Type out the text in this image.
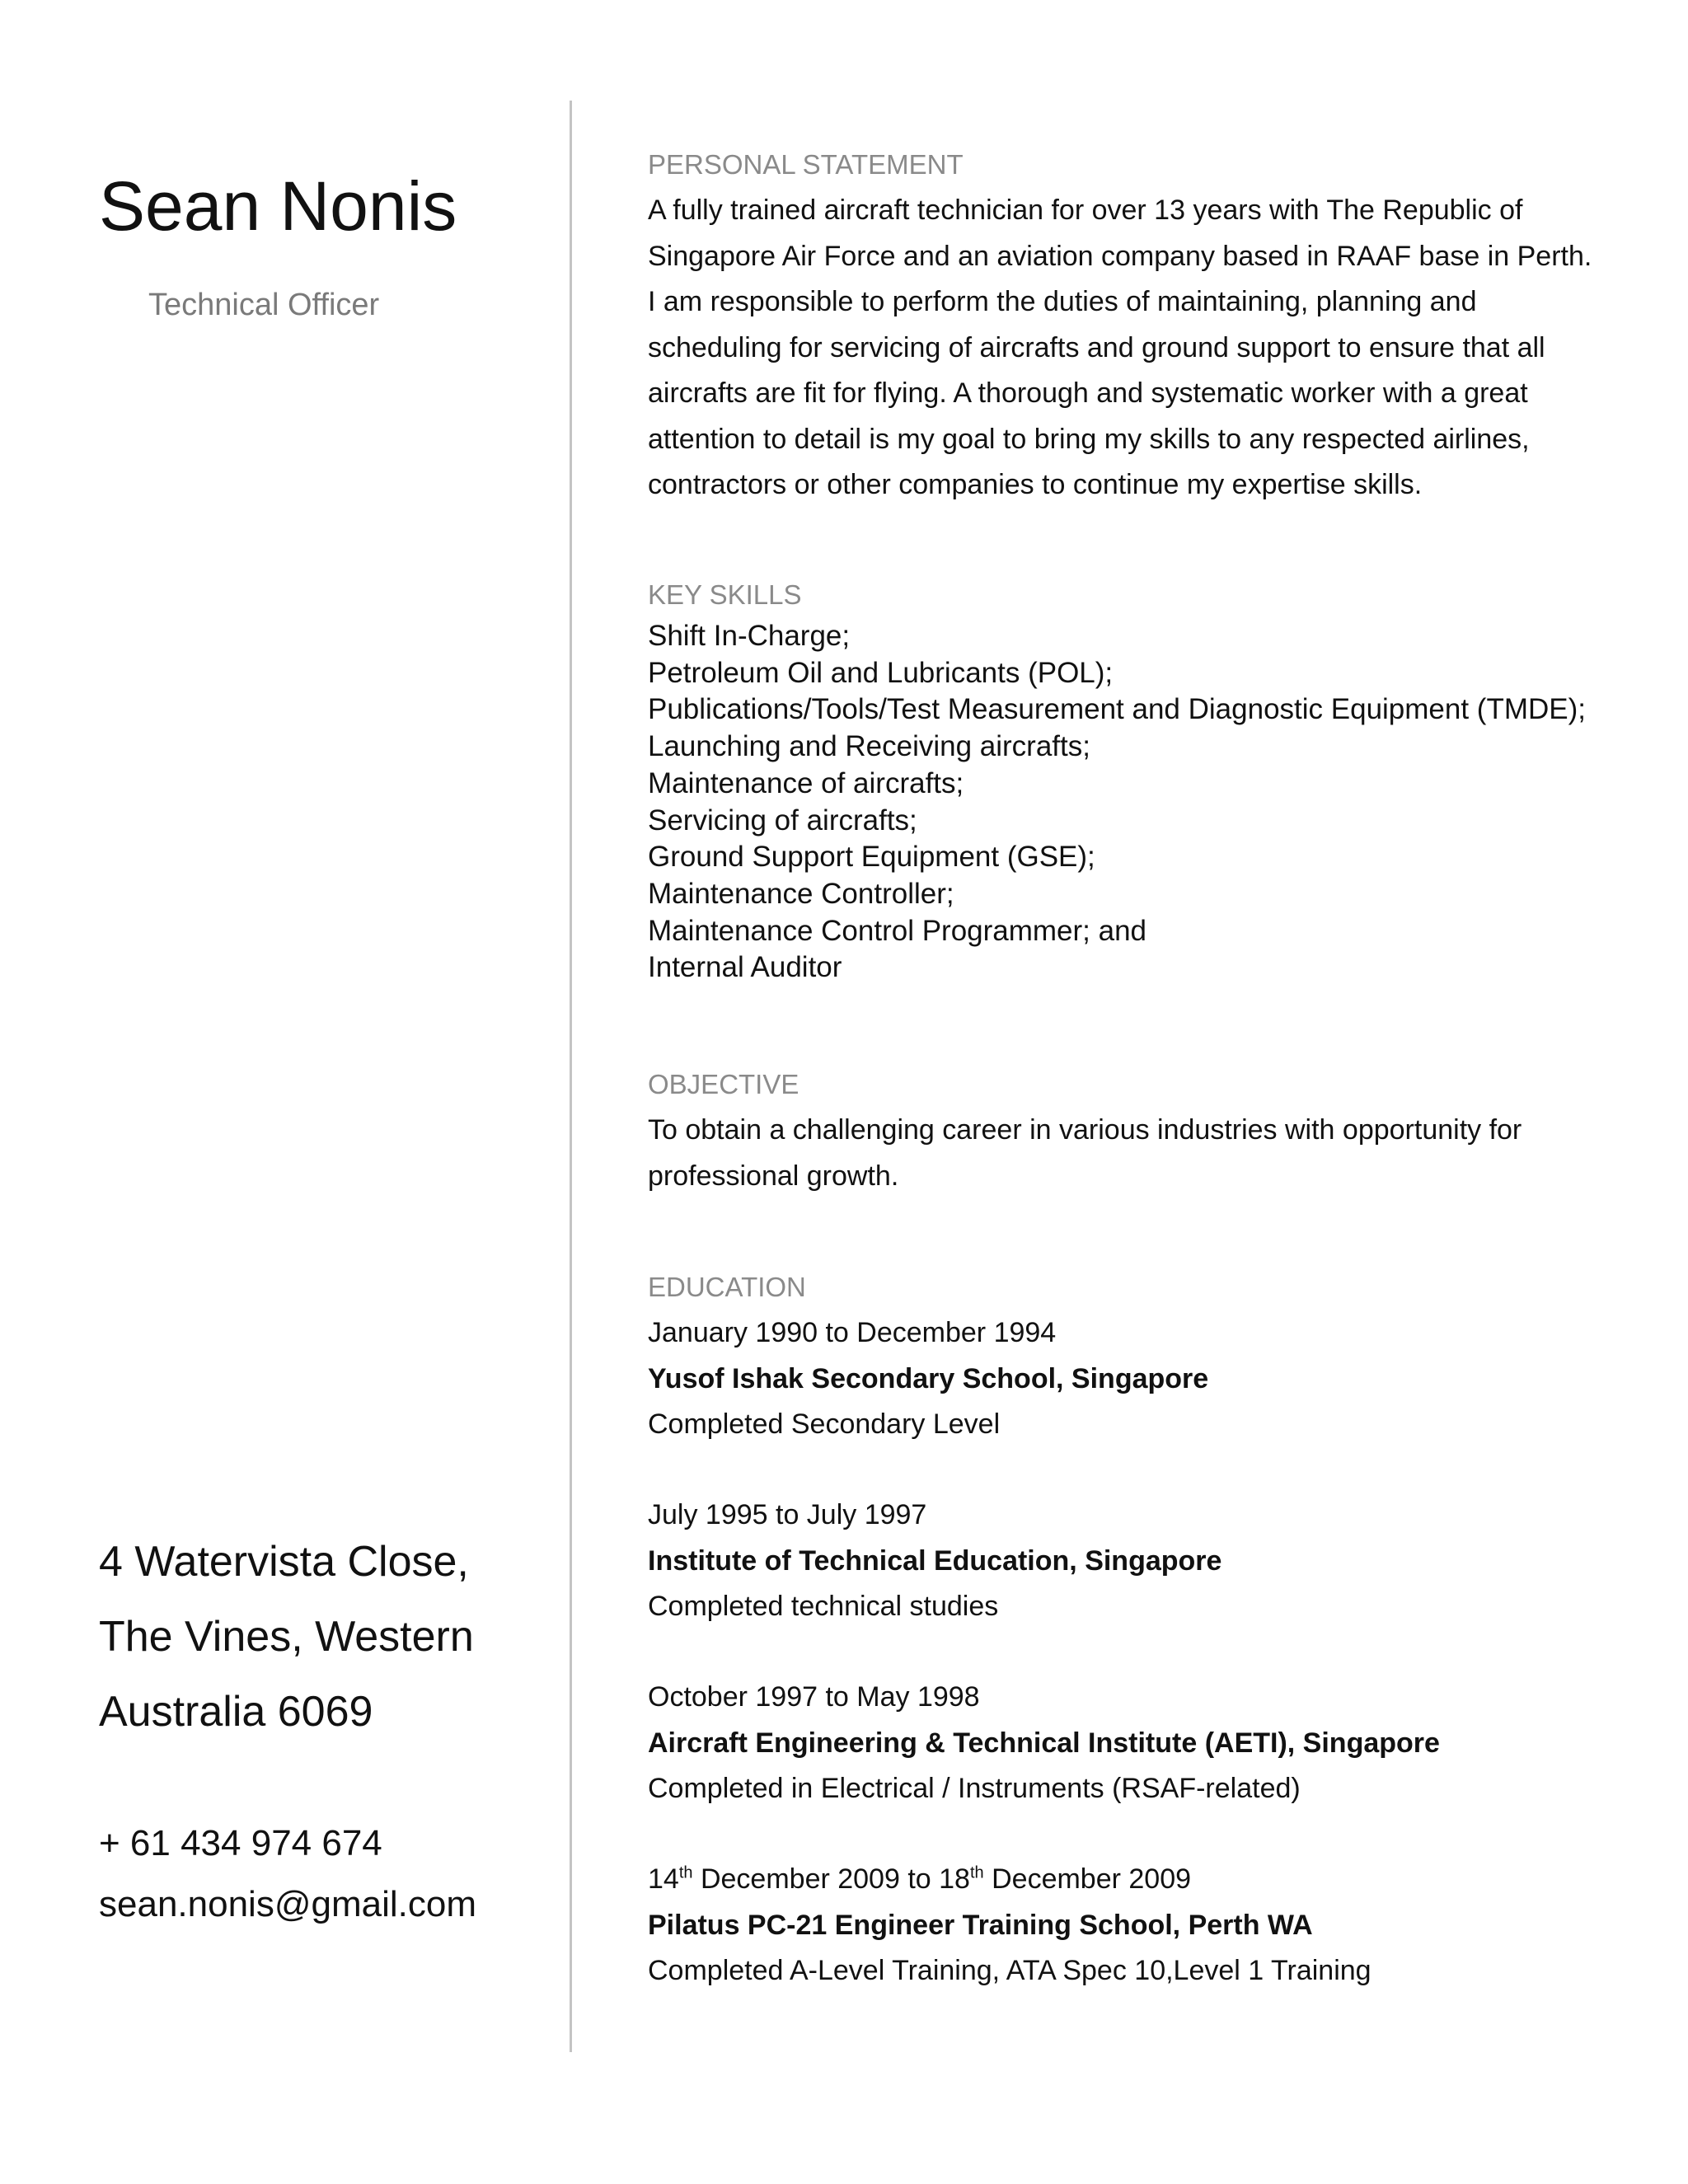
Sean Nonis
Technical Officer
4 Watervista Close,
The Vines, Western
Australia 6069
+ 61 434 974 674
sean.nonis@gmail.com
PERSONAL STATEMENT
A fully trained aircraft technician for over 13 years with The Republic of
Singapore Air Force and an aviation company based in RAAF base in Perth.
I am responsible to perform the duties of maintaining, planning and
scheduling for servicing of aircrafts and ground support to ensure that all
aircrafts are fit for flying. A thorough and systematic worker with a great
attention to detail is my goal to bring my skills to any respected airlines,
contractors or other companies to continue my expertise skills.
KEY SKILLS
Shift In-Charge;
Petroleum Oil and Lubricants (POL);
Publications/Tools/Test Measurement and Diagnostic Equipment (TMDE);
Launching and Receiving aircrafts;
Maintenance of aircrafts;
Servicing of aircrafts;
Ground Support Equipment (GSE);
Maintenance Controller;
Maintenance Control Programmer; and
Internal Auditor
OBJECTIVE
To obtain a challenging career in various industries with opportunity for
professional growth.
EDUCATION
January 1990 to December 1994
Yusof Ishak Secondary School, Singapore
Completed Secondary Level
July 1995 to July 1997
Institute of Technical Education, Singapore
Completed technical studies
October 1997 to May 1998
Aircraft Engineering & Technical Institute (AETI), Singapore
Completed in Electrical / Instruments (RSAF-related)
14th December 2009 to 18th December 2009
Pilatus PC-21 Engineer Training School, Perth WA
Completed A-Level Training, ATA Spec 10,Level 1 Training
